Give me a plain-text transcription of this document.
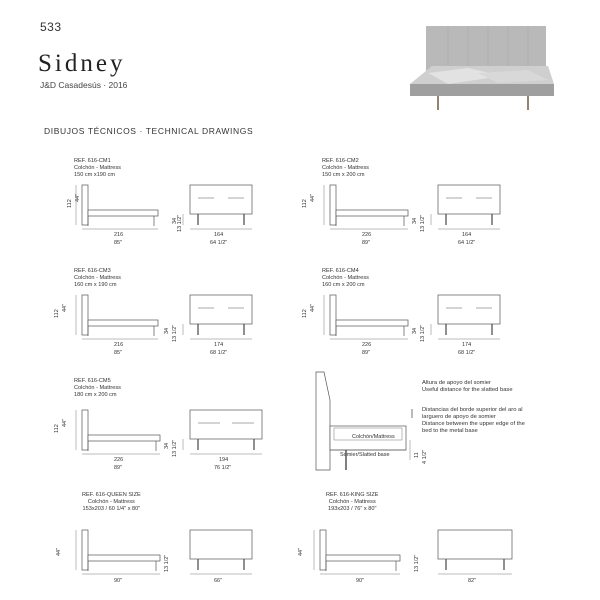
533
Sidney
J&D Casadesús · 2016
DIBUJOS TÉCNICOS · TECHNICAL DRAWINGS
REF. 616-CM1
Colchón - Mattress
150 cm x190 cm
REF. 616-CM2
Colchón - Mattress
150 cm x 200 cm
REF. 616-CM3
Colchón - Mattress
160 cm x 190 cm
REF. 616-CM4
Colchón - Mattress
160 cm x 200 cm
REF. 616-CM5
Colchón - Mattress
180 cm x 200 cm
REF. 616-QUEEN SIZE
Colchón - Mattress
153x203 / 60 1/4" x 80"
REF. 616-KING SIZE
Colchón - Mattress
193x203 / 76" x 80"
Altura de apoyo del somier
Useful distance for the slatted base
Distancias del borde superior del aro al
larguero de apoyo de somier
Distance between the upper edge of the
bed to the metal base
112
44"
216
85"
34 13 1/2"
164
64 1/2"
112
44"
226
89"
34 13 1/2"
164
64 1/2"
112
44"
216
85"
34 13 1/2"
174
68 1/2"
112
44"
226
89"
34 13 1/2"
174
68 1/2"
112
44"
226
89"
34 13 1/2"
194
76 1/2"
Colchón/Mattress
Somier/Slatted base	11 4 1/2"
44"
90"
13 1/2"
66"
44"
90"
13 1/2"
82"
